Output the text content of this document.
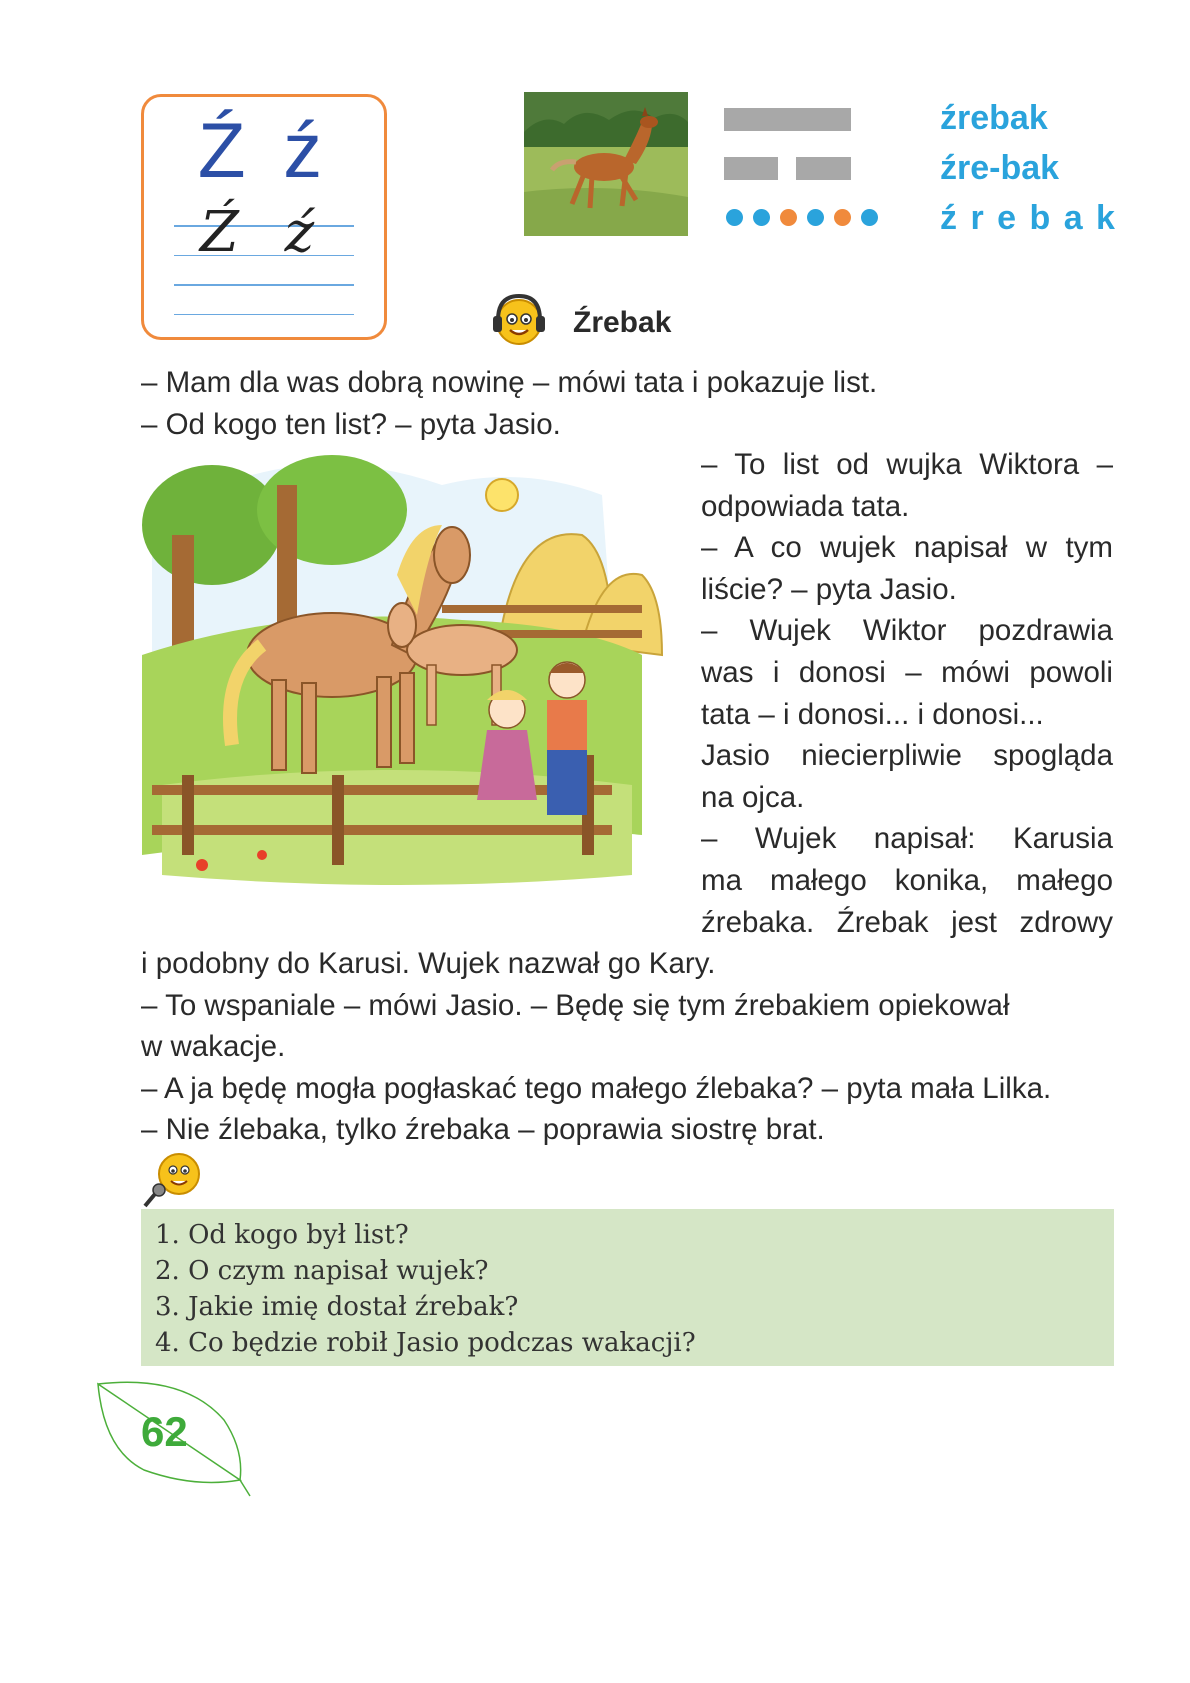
Ź ź
Ź ź
źrebak
źre-bak
ź r e b a k
Źrebak

– Mam dla was dobrą nowinę – mówi tata i pokazuje list.

– Od kogo ten list? – pyta Jasio.

– To list od wujka Wiktora –

odpowiada tata.

– A co wujek napisał w tym

liście? – pyta Jasio.

– Wujek Wiktor pozdrawia

was i donosi – mówi powoli

tata – i donosi... i donosi...

Jasio niecierpliwie spogląda

na ojca.

– Wujek napisał: Karusia

ma małego konika, małego

źrebaka. Źrebak jest zdrowy

i podobny do Karusi. Wujek nazwał go Kary.

– To wspaniale – mówi Jasio. – Będę się tym źrebakiem opiekował

w wakacje.

– A ja będę mogła pogłaskać tego małego źlebaka? – pyta mała Lilka.

– Nie źlebaka, tylko źrebaka – poprawia siostrę brat.

1. Od kogo był list?
2. O czym napisał wujek?
3. Jakie imię dostał źrebak?
4. Co będzie robił Jasio podczas wakacji?
62
